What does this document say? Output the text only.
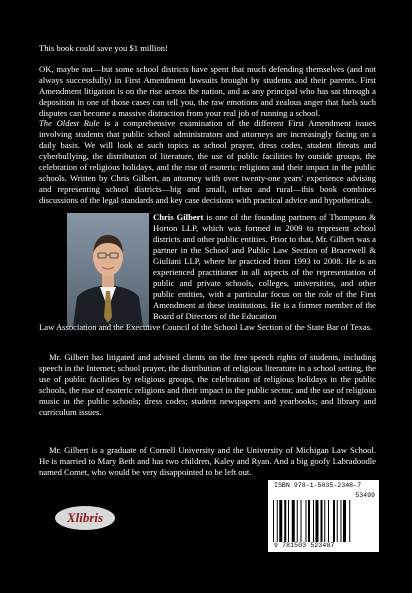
This book could save you $1 million!

OK, maybe not—but some school districts have spent that much defending themselves (and not always successfully) in First Amendment lawsuits brought by students and their parents. First Amendment litigation is on the rise across the nation, and as any principal who has sat through a deposition in one of those cases can tell you, the raw emotions and zealous anger that fuels such disputes can become a massive distraction from your real job of running a school.

The Oldest Rule is a comprehensive examination of the different First Amendment issues involving students that public school administrators and attorneys are increasingly facing on a daily basis. We will look at such topics as school prayer, dress codes, student threats and cyberbullying, the distribution of literature, the use of public facilities by outside groups, the celebration of religious holidays, and the rise of esoteric religions and their impact in the public schools. Written by Chris Gilbert, an attorney with over twenty-one years' experience advising and representing school districts—big and small, urban and rural—this book combines discussions of the legal standards and key case decisions with practical advice and hypotheticals.

Chris Gilbert is one of the founding partners of Thompson & Horton LLP, which was formed in 2009 to represent school districts and other public entities. Prior to that, Mr. Gilbert was a partner in the School and Public Law Section of Bracewell & Giuliani LLP, where he practiced from 1993 to 2008. He is an experienced practitioner in all aspects of the representation of public and private schools, colleges, universities, and other public entities, with a particular focus on the role of the First Amendment at these institutions. He is a former member of the Board of Directors of the Education

Law Association and the Executive Council of the School Law Section of the State Bar of Texas.

Mr. Gilbert has litigated and advised clients on the free speech rights of students, including speech in the Internet; school prayer, the distribution of religious literature in a school setting, the use of public facilities by religious groups, the celebration of religious holidays in the public schools, the rise of esoteric religions and their impact in the public sector, and the use of religious music in the public schools; dress codes; student newspapers and yearbooks; and library and curriculum issues.

Mr. Gilbert is a graduate of Cornell University and the University of Michigan Law School. He is married to Mary Beth and has two children, Kaley and Ryan. And a big goofy Labradoodle named Comet, who would be very disappointed to be left out.

Xlibris
ISBN 978-1-5035-2348-7
53499
9 781503 523487
